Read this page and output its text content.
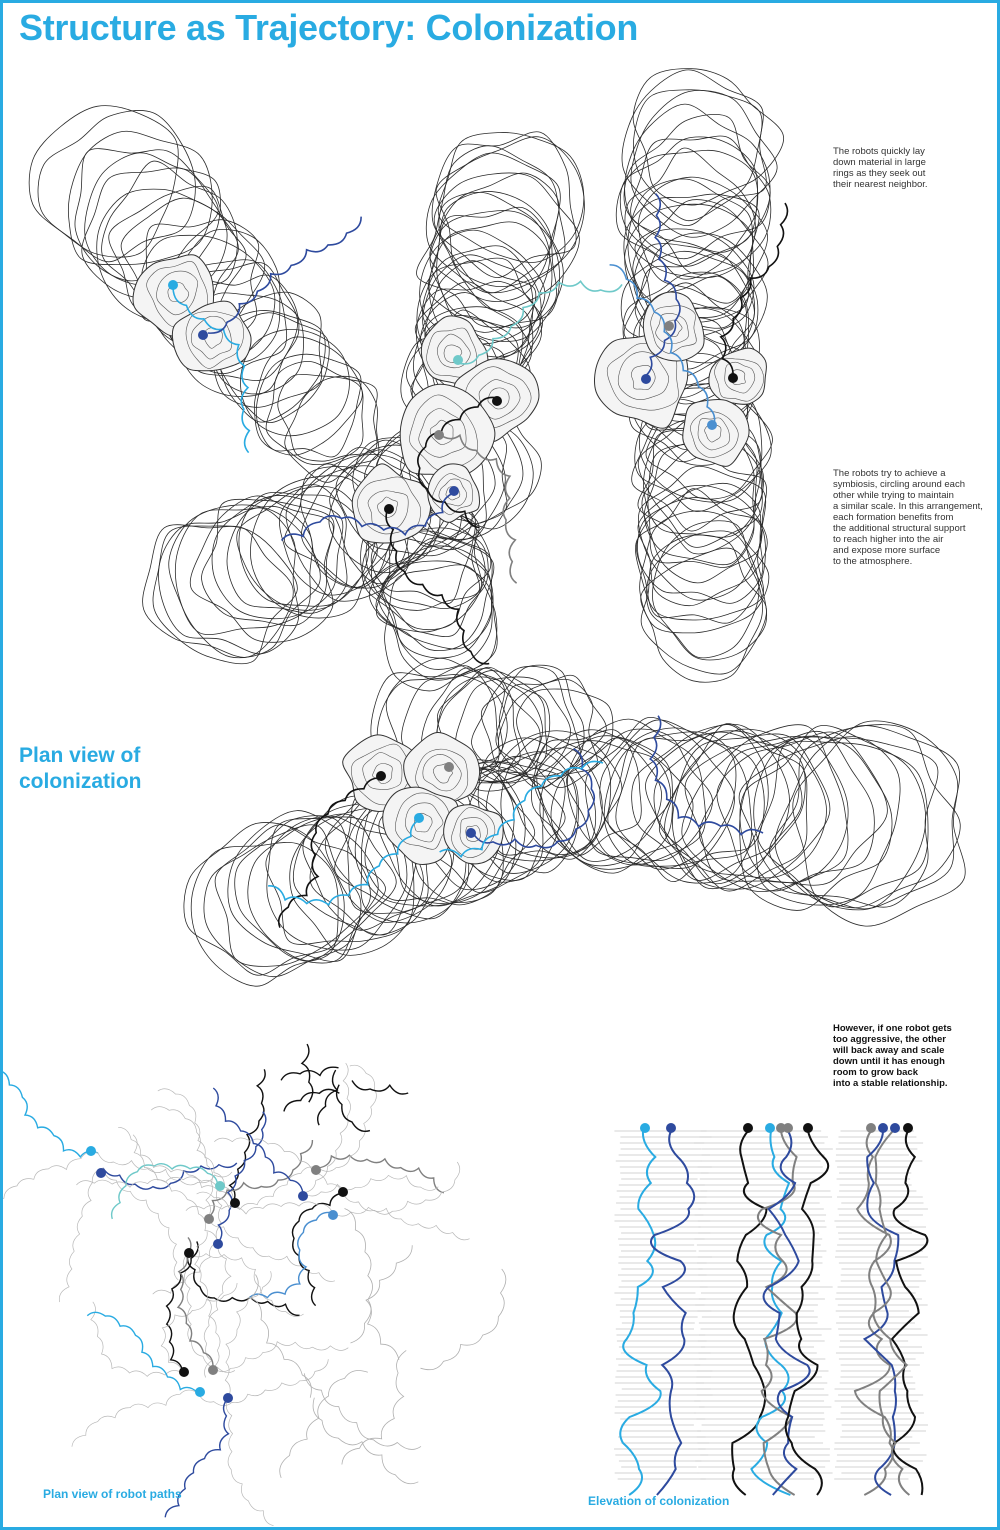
Structure as Trajectory: Colonization

The robots quickly lay
down material in large
rings as they seek out
their nearest neighbor.

The robots try to achieve a
symbiosis, circling around each
other while trying to maintain
a similar scale. In this arrangement,
each formation benefits from
the additional structural support
to reach higher into the air
and expose more surface
to the atmosphere.

However, if one robot gets
too aggressive, the other
will back away and scale
down until it has enough
room to grow back
into a stable relationship.

Plan view of
colonization

Plan view of robot paths	Elevation of colonization
